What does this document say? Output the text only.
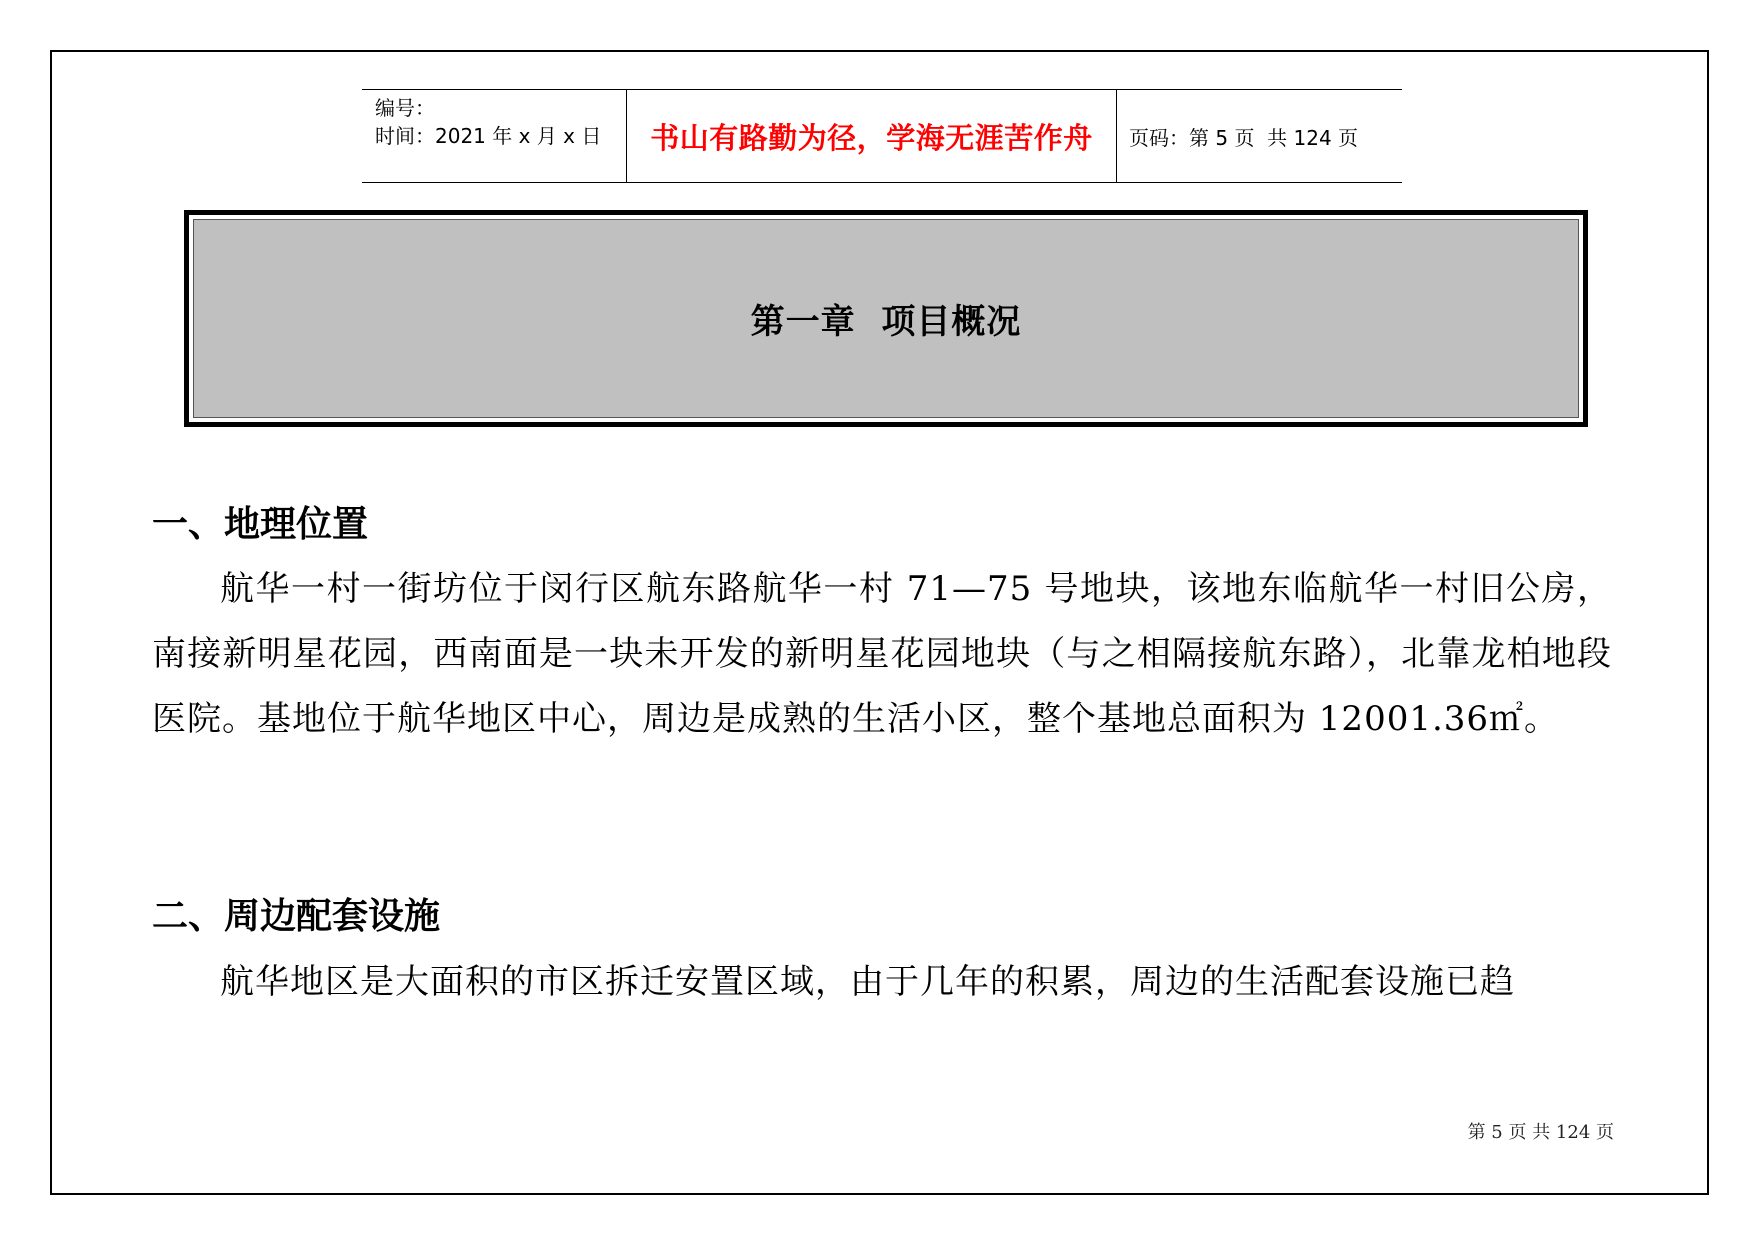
编号：
时间：2021 年 x 月 x 日	书山有路勤为径，学海无涯苦作舟	页码：第 5 页  共 124 页
第一章  项目概况
一、地理位置

航华一村一街坊位于闵行区航东路航华一村 71—75 号地块，该地东临航华一村旧公房，南接新明星花园，西南面是一块未开发的新明星花园地块（与之相隔接航东路），北靠龙柏地段医院。基地位于航华地区中心，周边是成熟的生活小区，整个基地总面积为 12001.36㎡。

二、周边配套设施

航华地区是大面积的市区拆迁安置区域，由于几年的积累，周边的生活配套设施已趋

第 5 页 共 124 页
